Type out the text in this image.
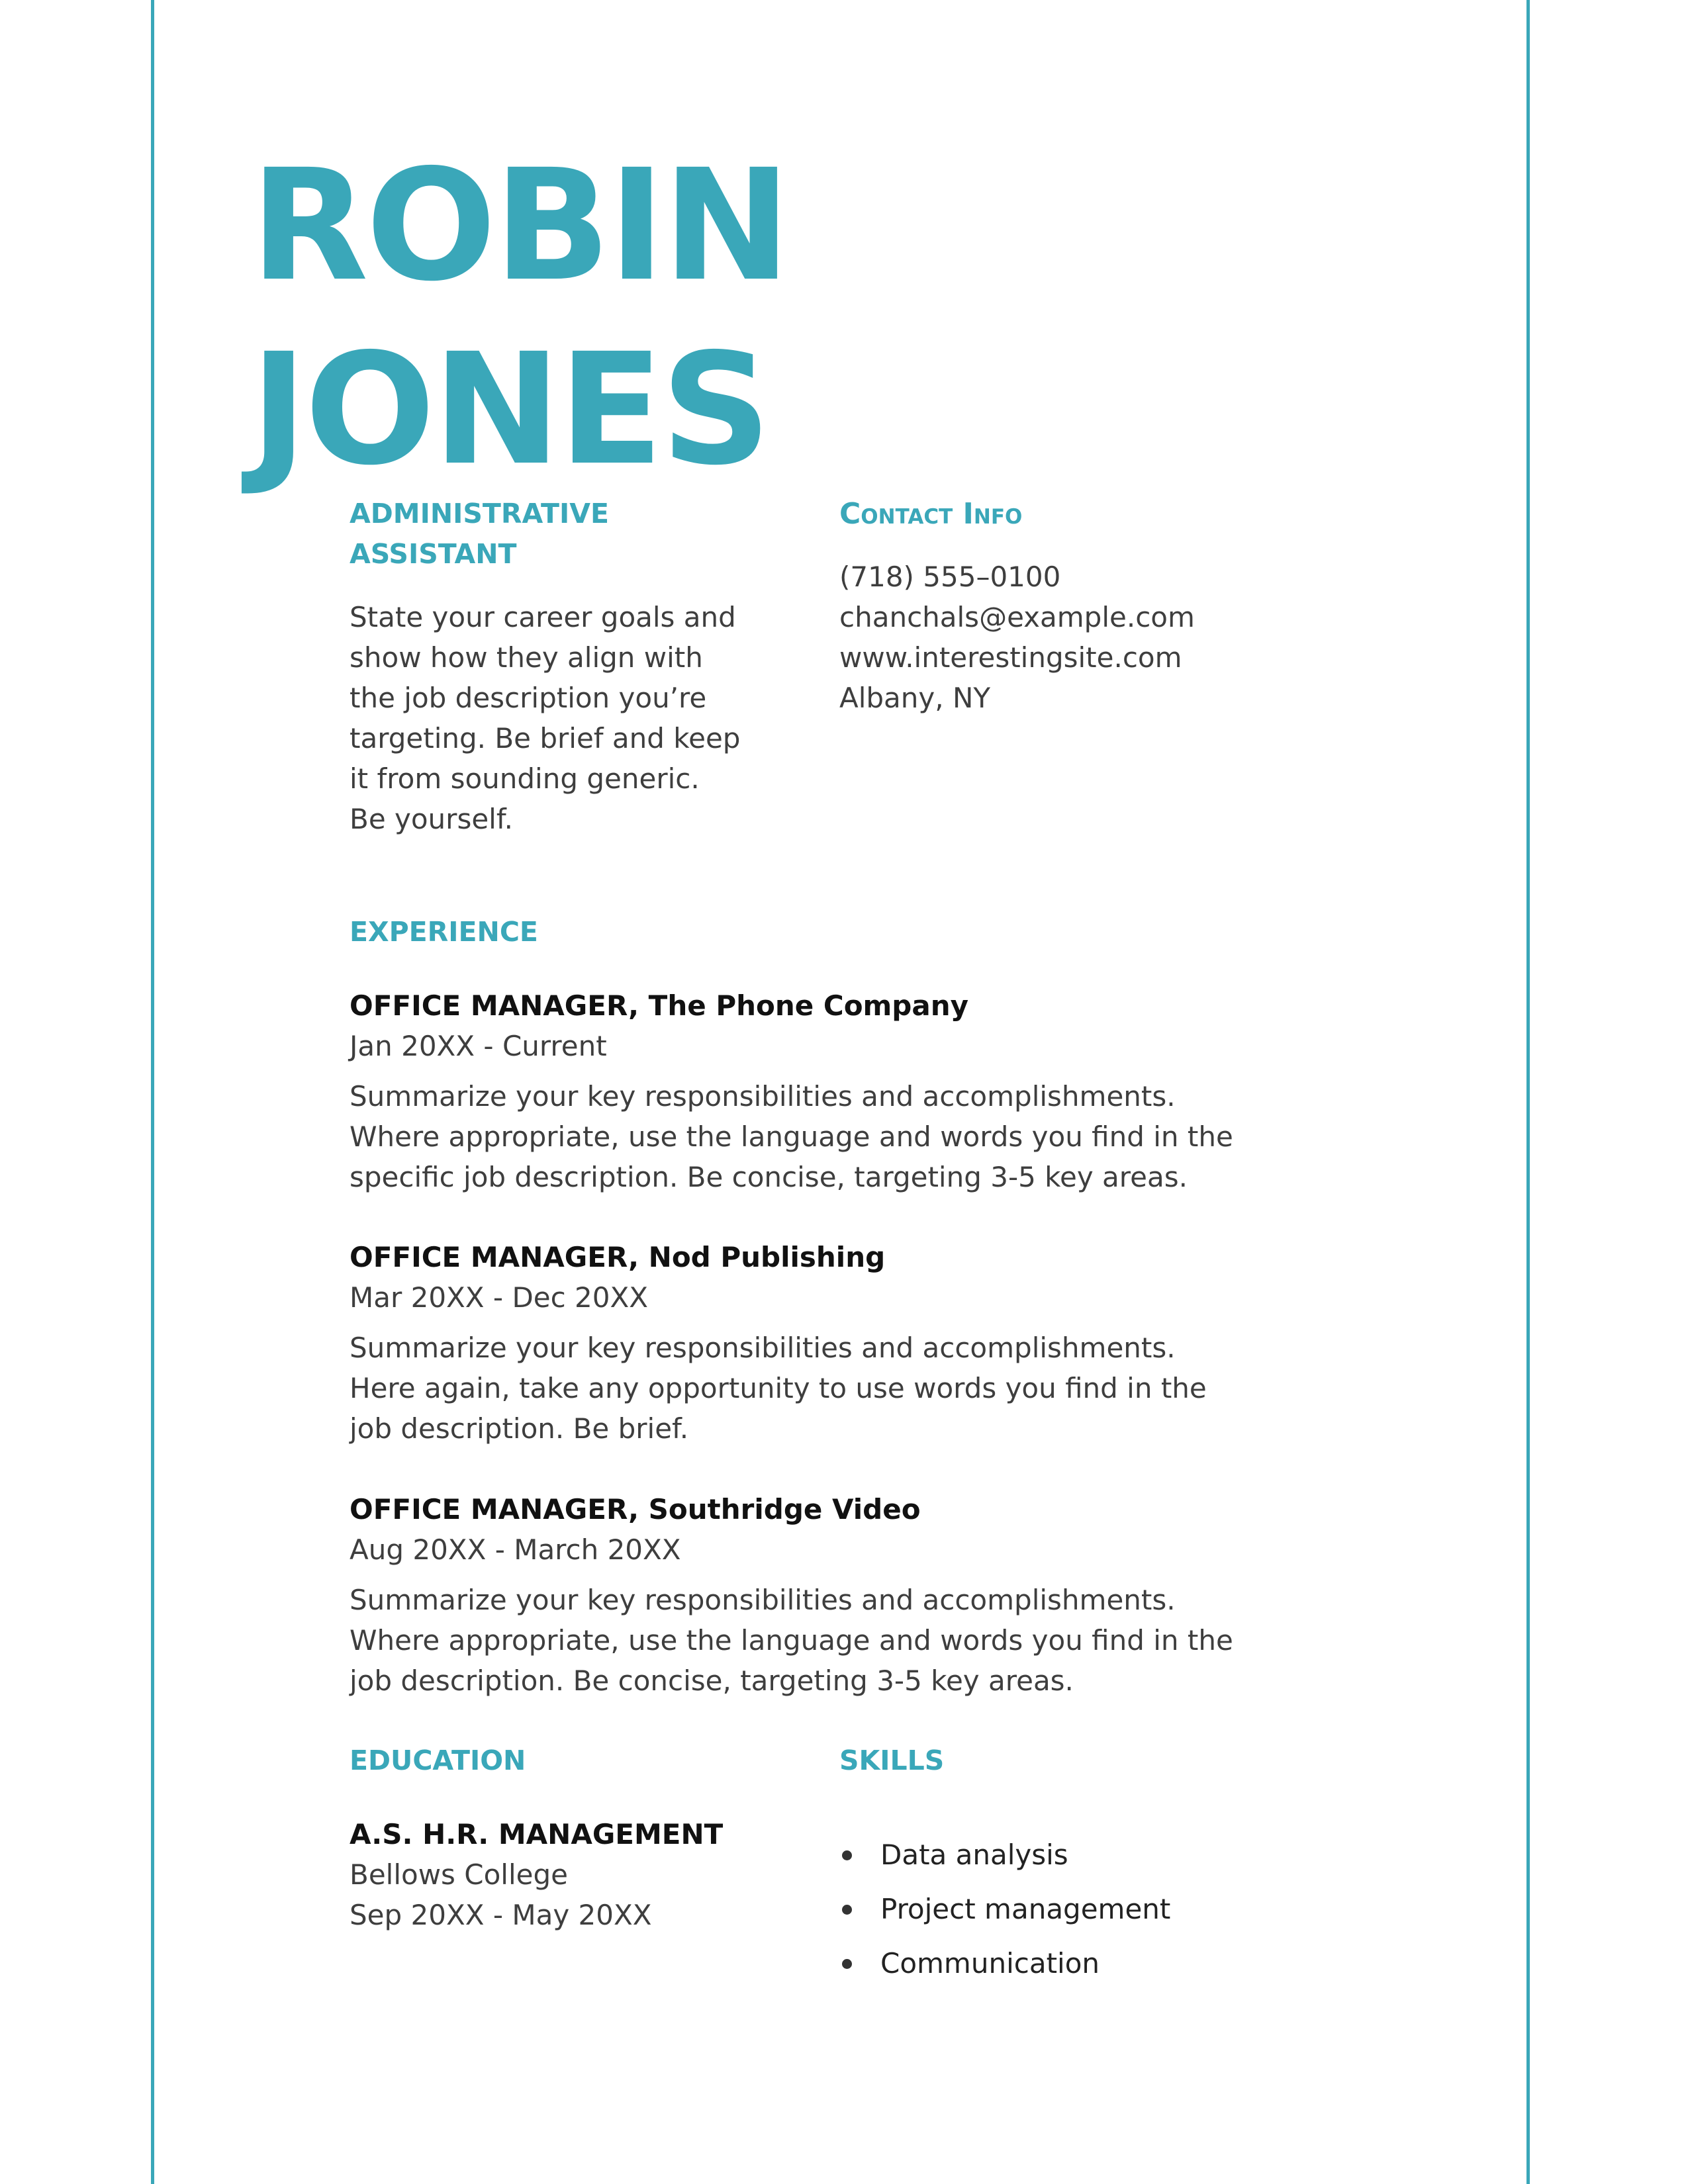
ROBIN
JONES
ADMINISTRATIVE
ASSISTANT
State your career goals and
show how they align with
the job description you’re
targeting. Be brief and keep
it from sounding generic.
Be yourself.
Contact Info
(718) 555–0100
chanchals@example.com
www.interestingsite.com
Albany, NY
EXPERIENCE
OFFICE MANAGER, The Phone Company
Jan 20XX - Current
Summarize your key responsibilities and accomplishments.
Where appropriate, use the language and words you find in the
specific job description. Be concise, targeting 3-5 key areas.
OFFICE MANAGER, Nod Publishing
Mar 20XX - Dec 20XX
Summarize your key responsibilities and accomplishments.
Here again, take any opportunity to use words you find in the
job description. Be brief.
OFFICE MANAGER, Southridge Video
Aug 20XX - March 20XX
Summarize your key responsibilities and accomplishments.
Where appropriate, use the language and words you find in the
job description. Be concise, targeting 3-5 key areas.
EDUCATION
A.S. H.R. MANAGEMENT
Bellows College
Sep 20XX - May 20XX
SKILLS
Data analysis
Project management
Communication
